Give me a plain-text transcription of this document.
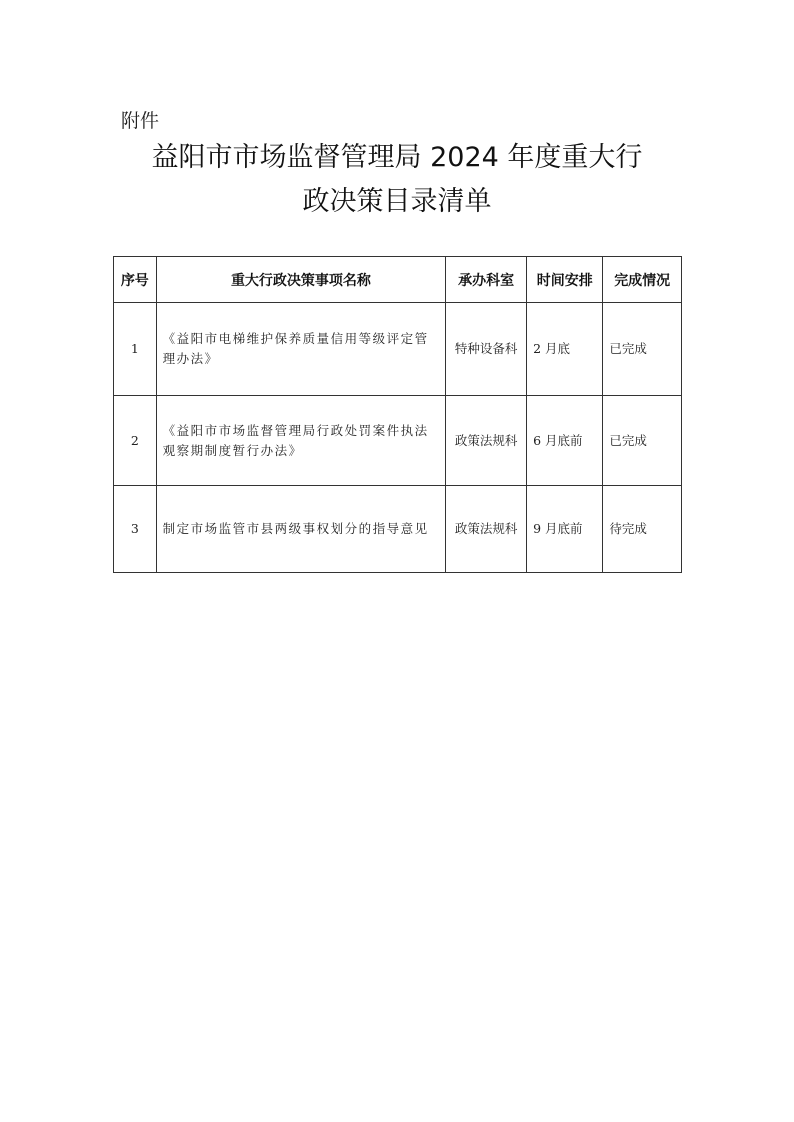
附件
益阳市市场监督管理局 2024 年度重大行
政决策目录清单
序号	重大行政决策事项名称	承办科室	时间安排	完成情况
1	《益阳市电梯维护保养质量信用等级评定管理办法》	特种设备科	2 月底	已完成
2	《益阳市市场监督管理局行政处罚案件执法观察期制度暂行办法》	政策法规科	6 月底前	已完成
3	制定市场监管市县两级事权划分的指导意见	政策法规科	9 月底前	待完成
